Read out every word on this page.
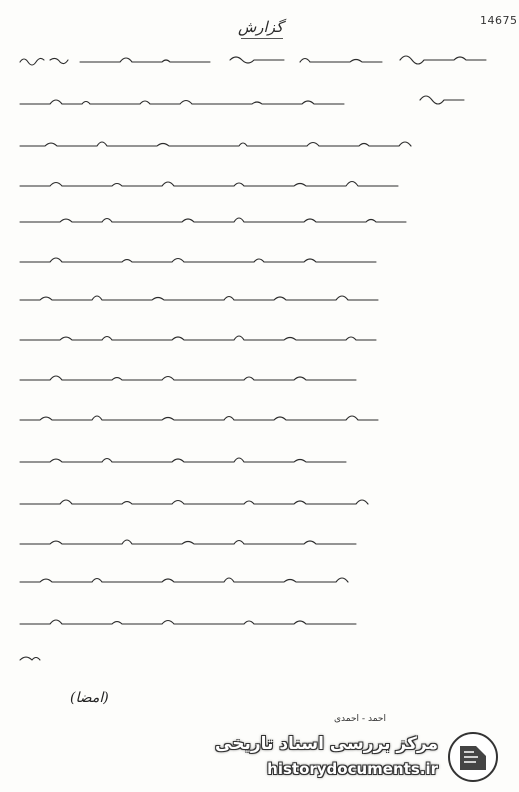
14675
گزارش
(امضا)
احمد - احمدی
مرکز بررسی اسناد تاریخی
historydocuments.ir
